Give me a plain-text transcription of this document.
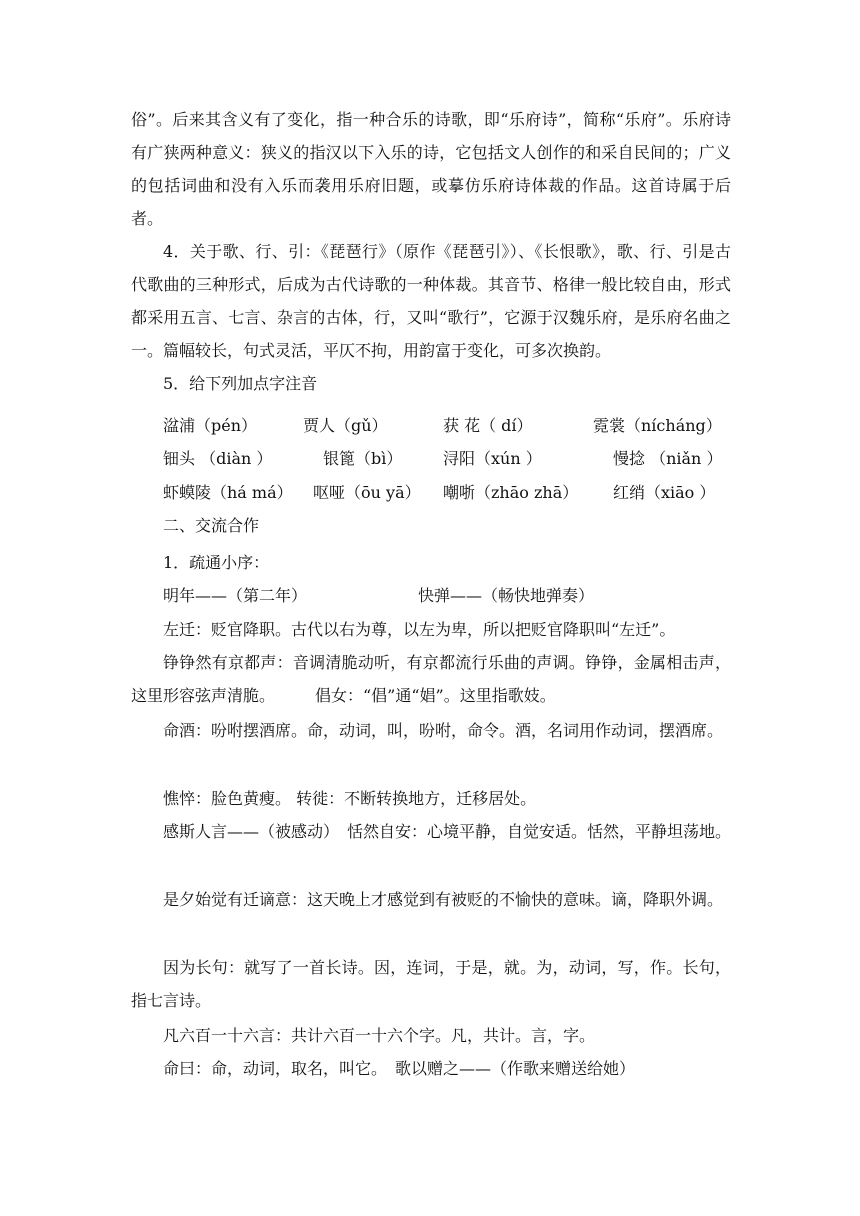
俗”。后来其含义有了变化，指一种合乐的诗歌，即“乐府诗”，简称“乐府”。乐府诗有广狭两种意义：狭义的指汉以下入乐的诗，它包括文人创作的和采自民间的；广义的包括词曲和没有入乐而袭用乐府旧题，或摹仿乐府诗体裁的作品。这首诗属于后者。
4．关于歌、行、引：《琵琶行》（原作《琵琶引》）、《长恨歌》，歌、行、引是古代歌曲的三种形式，后成为古代诗歌的一种体裁。其音节、格律一般比较自由，形式都采用五言、七言、杂言的古体，行，又叫“歌行”，它源于汉魏乐府，是乐府名曲之一。篇幅较长，句式灵活，平仄不拘，用韵富于变化，可多次换韵。
5．给下列加点字注音
湓浦（pén）	贾人（gǔ）	获 花（ dí）	霓裳（nícháng）
钿头 （diàn ）	银篦（bì）	浔阳（xún ）	慢捻 （niǎn ）
虾蟆陵（há má） 呕哑（ōu yā） 嘲哳（zhāo zhā） 红绡（xiāo ）
二、交流合作
1．疏通小序：
明年——（第二年）	快弹——（畅快地弹奏）
左迁：贬官降职。古代以右为尊，以左为卑，所以把贬官降职叫“左迁”。
铮铮然有京都声：音调清脆动听，有京都流行乐曲的声调。铮铮，金属相击声，这里形容弦声清脆。　　　倡女：“倡”通“娼”。这里指歌妓。
命酒：吩咐摆酒席。命，动词，叫，吩咐，命令。酒，名词用作动词，摆酒席。
憔悴：脸色黄瘦。 转徙：不断转换地方，迁移居处。
感斯人言——（被感动）　恬然自安：心境平静，自觉安适。恬然，平静坦荡地。
是夕始觉有迁谪意：这天晚上才感觉到有被贬的不愉快的意味。谪，降职外调。
因为长句：就写了一首长诗。因，连词，于是，就。为，动词，写，作。长句，指七言诗。
凡六百一十六言：共计六百一十六个字。凡，共计。言，字。
命曰：命，动词，取名，叫它。　歌以赠之——（作歌来赠送给她）
